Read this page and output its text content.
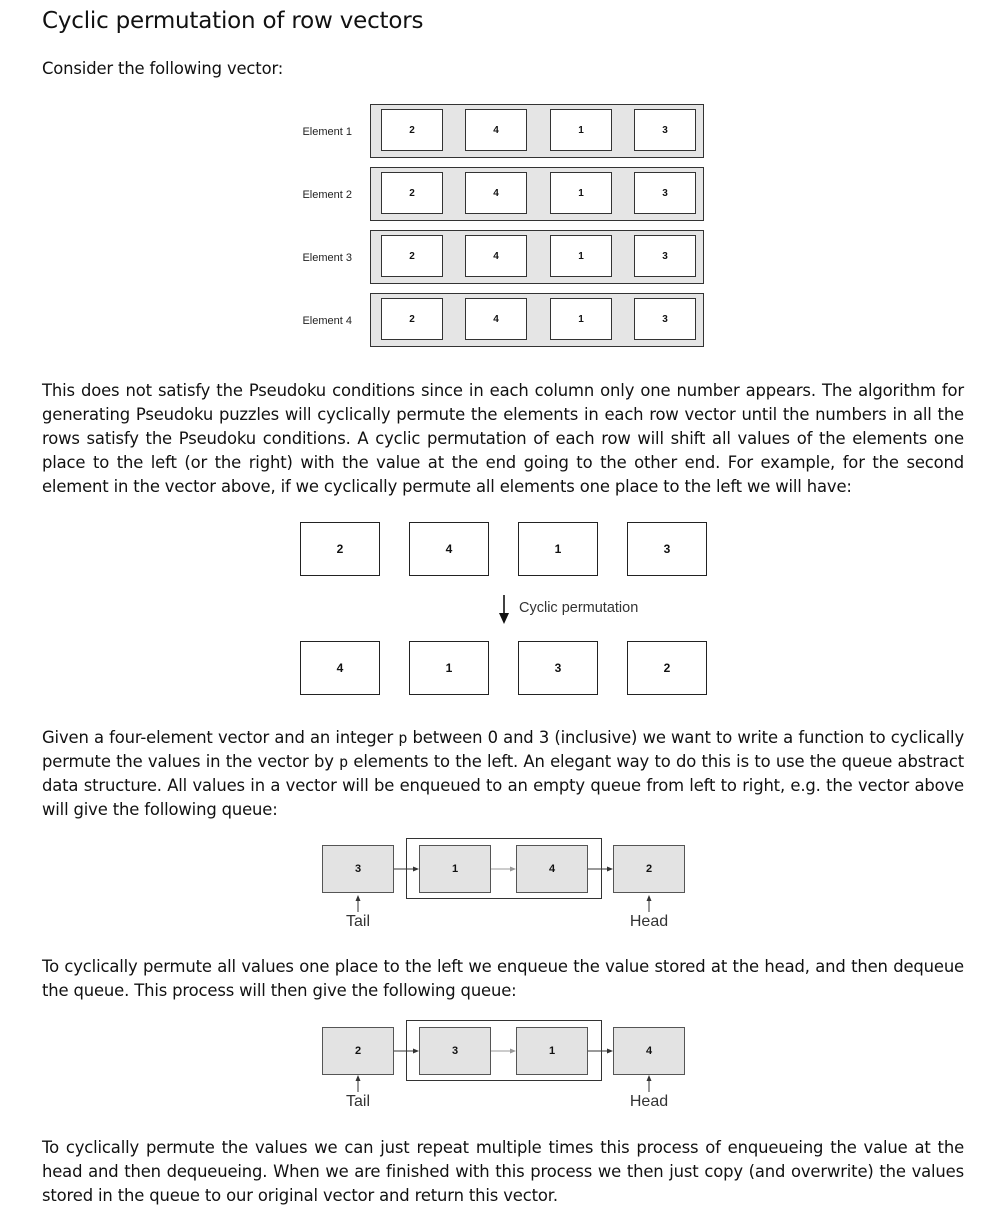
Cyclic permutation of row vectors

Consider the following vector:

Element 1	2	4	1	3
Element 2	2	4	1	3
Element 3	2	4	1	3
Element 4	2	4	1	3

This does not satisfy the Pseudoku conditions since in each column only one number appears. The algorithm for generating Pseudoku puzzles will cyclically permute the elements in each row vector until the numbers in all the rows satisfy the Pseudoku conditions. A cyclic permutation of each row will shift all values of the elements one place to the left (or the right) with the value at the end going to the other end. For example, for the second element in the vector above, if we cyclically permute all elements one place to the left we will have:

2	4	1	3
Cyclic permutation
4	1	3	2

Given a four-element vector and an integer p between 0 and 3 (inclusive) we want to write a function to cyclically permute the values in the vector by p elements to the left. An elegant way to do this is to use the queue abstract data structure. All values in a vector will be enqueued to an empty queue from left to right, e.g. the vector above will give the following queue:

3	1	4	2
Tail	Head

To cyclically permute all values one place to the left we enqueue the value stored at the head, and then dequeue the queue. This process will then give the following queue:

2	3	1	4
Tail	Head

To cyclically permute the values we can just repeat multiple times this process of enqueueing the value at the head and then dequeueing. When we are finished with this process we then just copy (and overwrite) the values stored in the queue to our original vector and return this vector.
